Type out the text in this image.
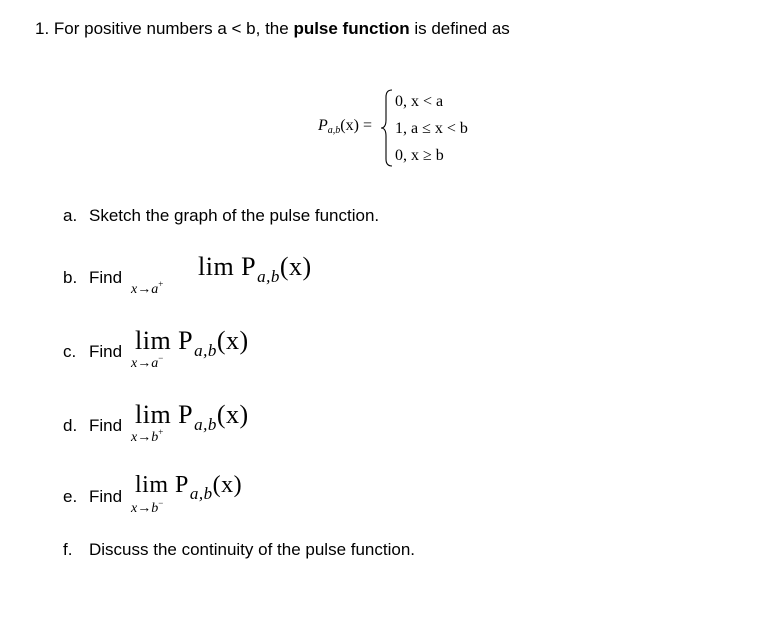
1. For positive numbers a < b, the pulse function is defined as
$P_{a,b}(x)$ =
0, x < a
1, a ≤ x < b
0, x ≥ b
a. Sketch the graph of the pulse function.
b. Find	$\lim P_{a,b}(x)$
x→a+
c. Find $\lim P_{a,b}(x)$
x→a−
d. Find $\lim P_{a,b}(x)$
x→b+
e. Find $\lim P_{a,b}(x)$
x→b−
f. Discuss the continuity of the pulse function.
